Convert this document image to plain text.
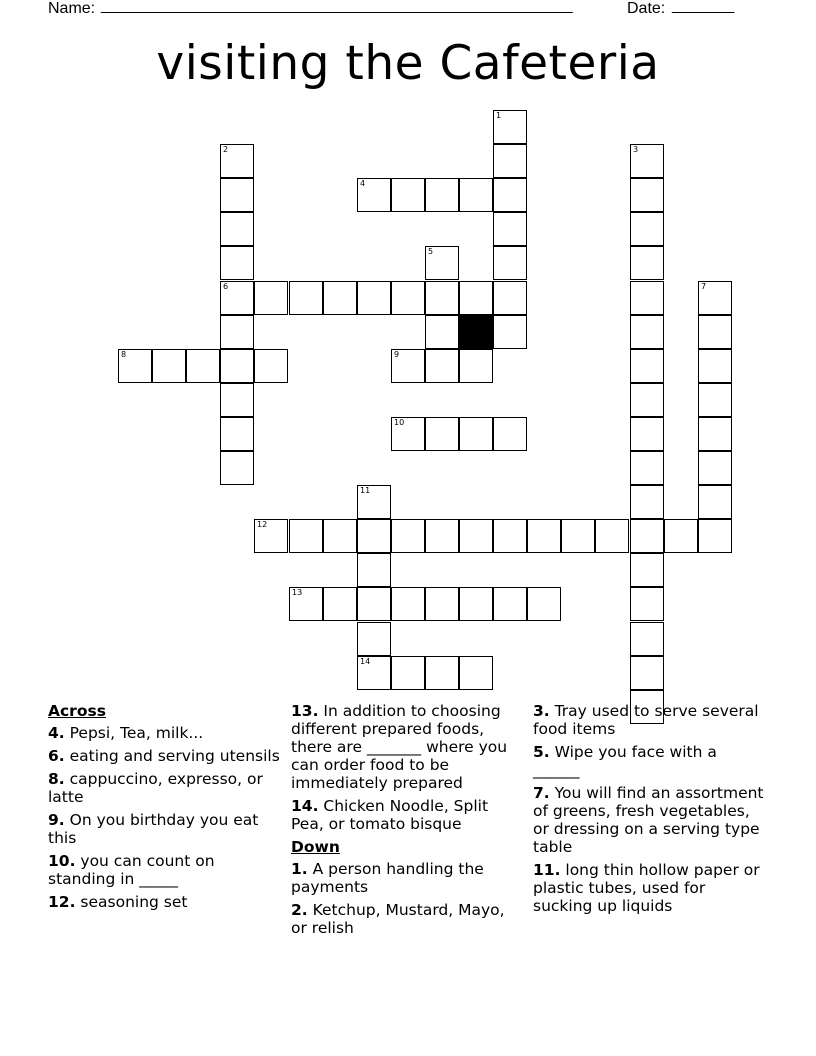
Name: _____________________________________________________	Date: _______
visiting the Cafeteria
1
2
6
3
4
5
7
8	9
10
11
14
12
13
Across
4. Pepsi, Tea, milk...
6. eating and serving utensils
8. cappuccino, expresso, or latte
9. On you birthday you eat this
10. you can count on standing in _____
12. seasoning set
13. In addition to choosing different prepared foods, there are _______ where you can order food to be immediately prepared
14. Chicken Noodle, Split Pea, or tomato bisque
Down
1. A person handling the payments
2. Ketchup, Mustard, Mayo, or relish
3. Tray used to serve several food items
5. Wipe you face with a ______
7. You will find an assortment of greens, fresh vegetables, or dressing on a serving type table
11. long thin hollow paper or plastic tubes, used for sucking up liquids
